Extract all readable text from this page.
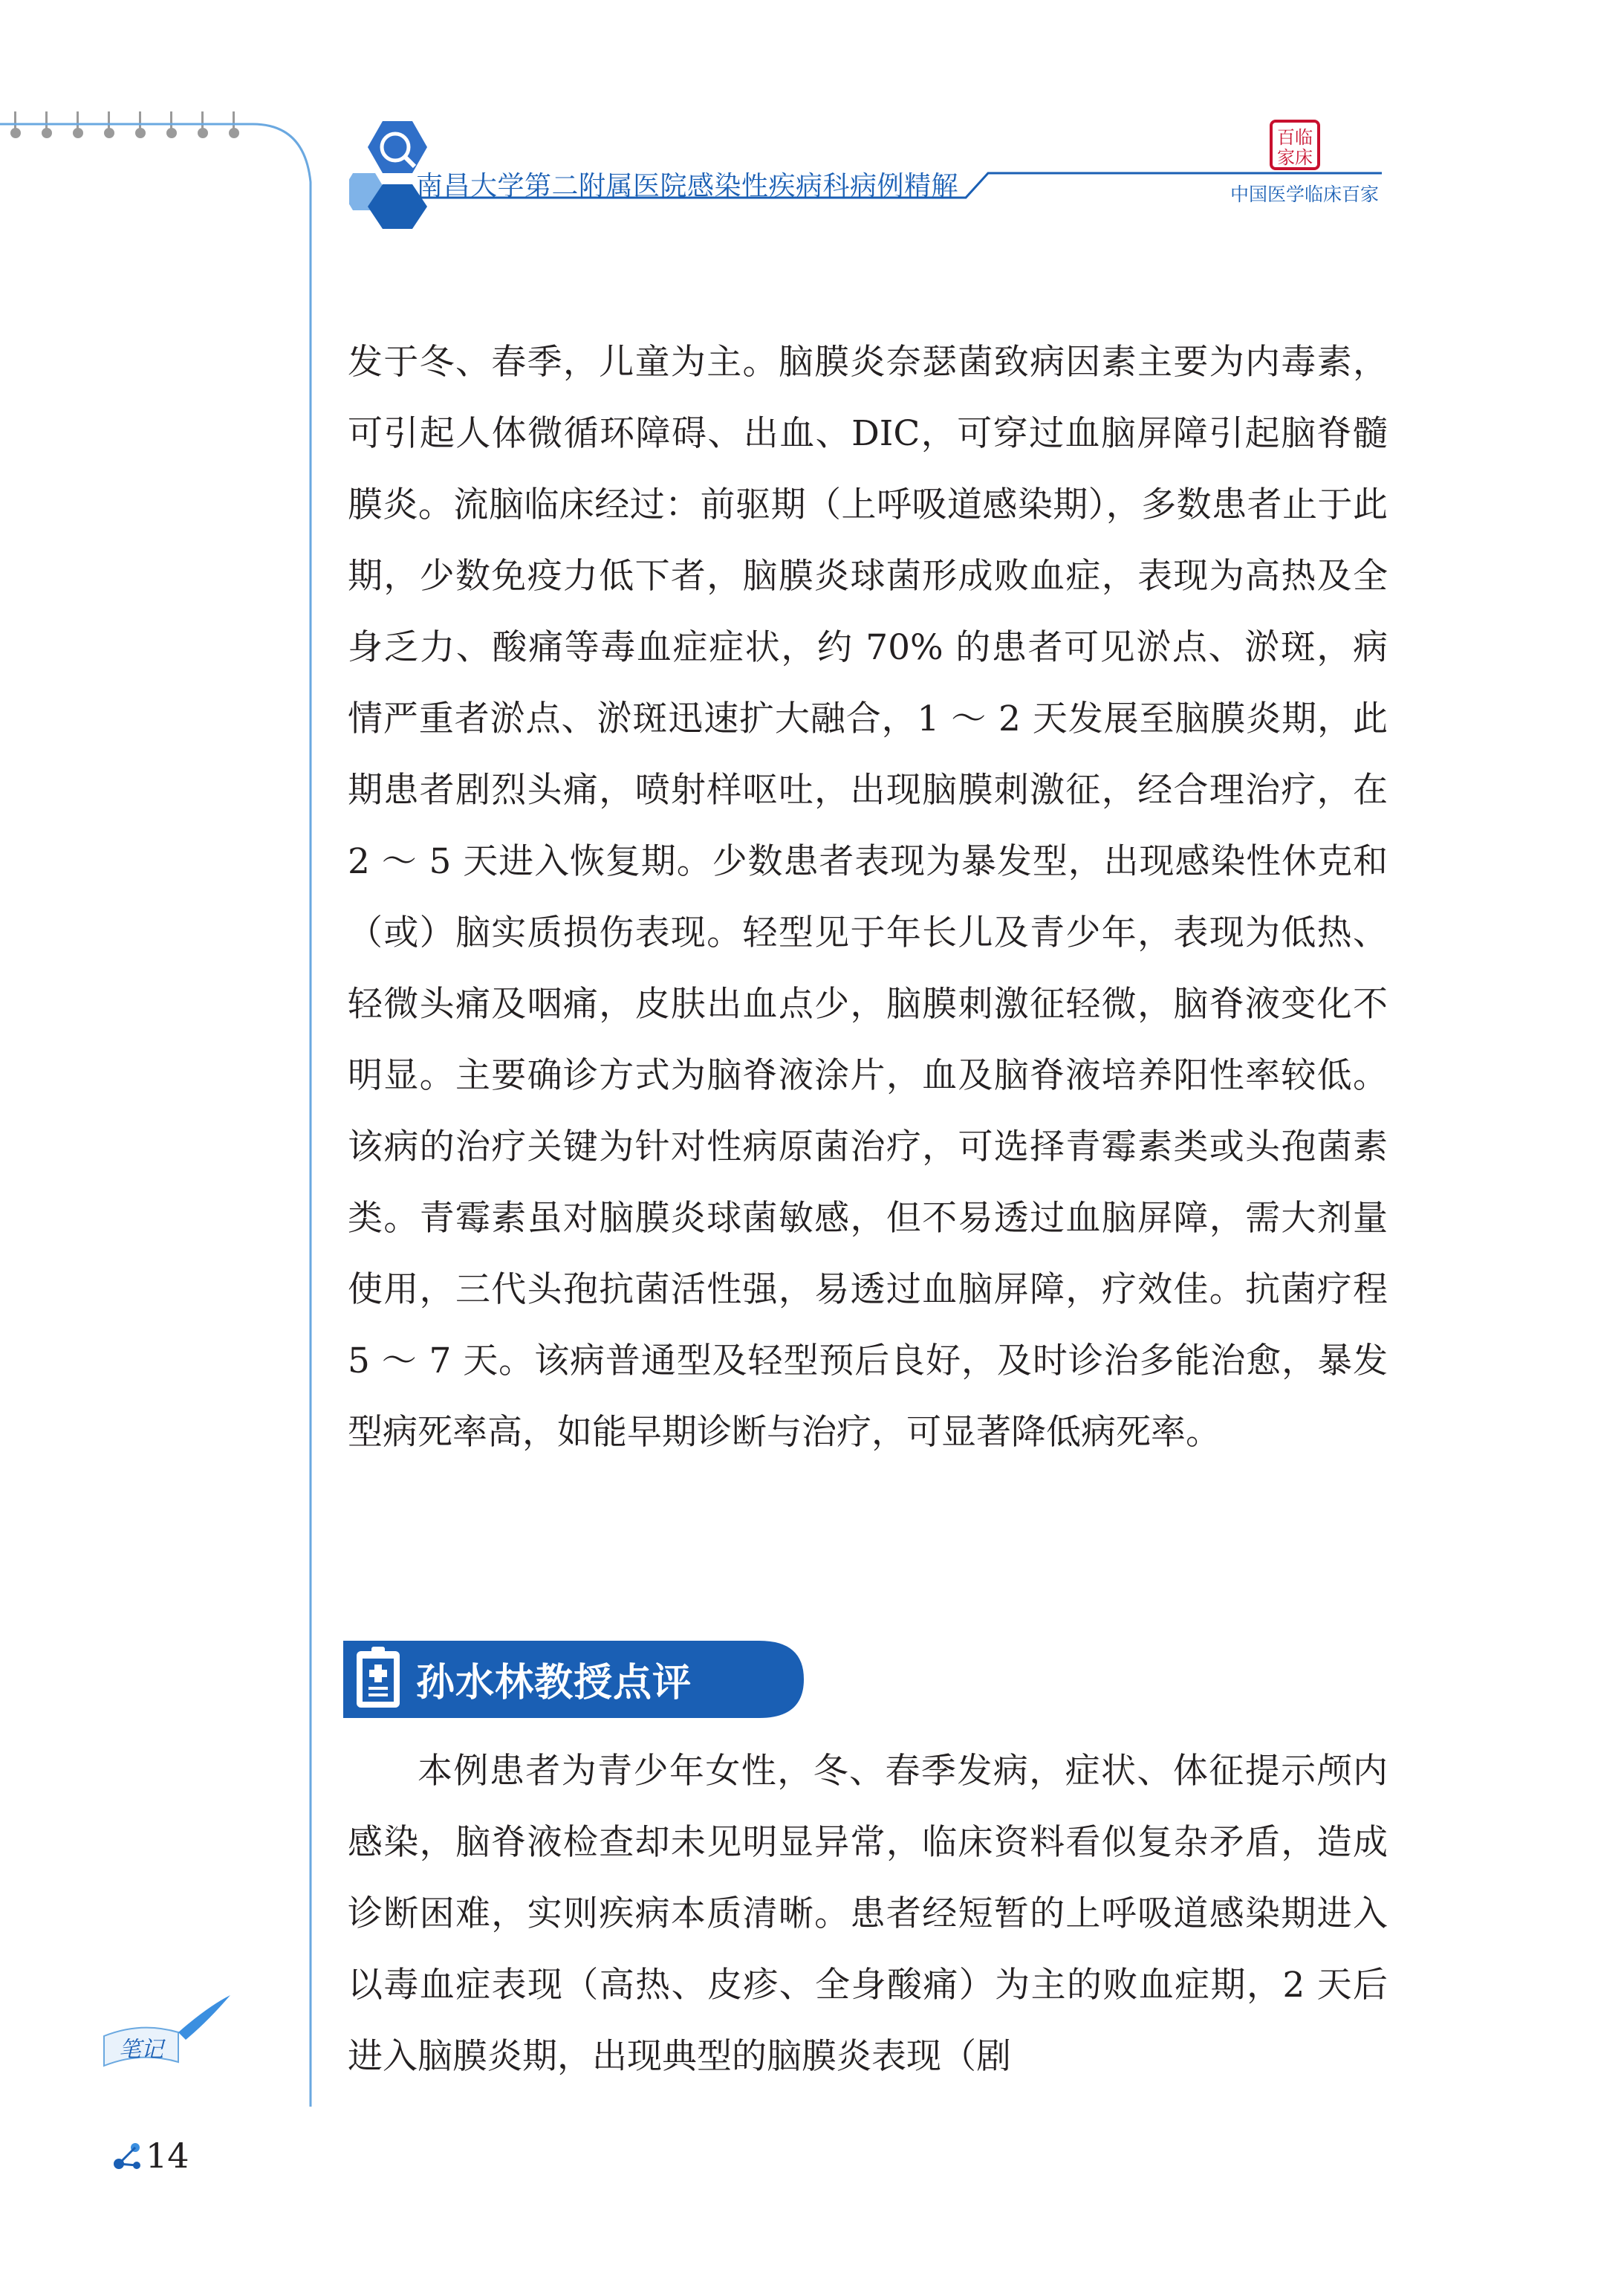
南昌大学第二附属医院感染性疾病科病例精解
百临
家床
中国医学临床百家

发于冬、春季，儿童为主。脑膜炎奈瑟菌致病因素主要为内毒素，可引起人体微循环障碍、出血、DIC，可穿过血脑屏障引起脑脊髓膜炎。流脑临床经过：前驱期（上呼吸道感染期），多数患者止于此期，少数免疫力低下者，脑膜炎球菌形成败血症，表现为高热及全身乏力、酸痛等毒血症症状，约 70% 的患者可见淤点、淤斑，病情严重者淤点、淤斑迅速扩大融合，1 ～ 2 天发展至脑膜炎期，此期患者剧烈头痛，喷射样呕吐，出现脑膜刺激征，经合理治疗，在 2 ～ 5 天进入恢复期。少数患者表现为暴发型，出现感染性休克和（或）脑实质损伤表现。轻型见于年长儿及青少年，表现为低热、轻微头痛及咽痛，皮肤出血点少，脑膜刺激征轻微，脑脊液变化不明显。主要确诊方式为脑脊液涂片，血及脑脊液培养阳性率较低。该病的治疗关键为针对性病原菌治疗，可选择青霉素类或头孢菌素类。青霉素虽对脑膜炎球菌敏感，但不易透过血脑屏障，需大剂量使用，三代头孢抗菌活性强，易透过血脑屏障，疗效佳。抗菌疗程 5 ～ 7 天。该病普通型及轻型预后良好，及时诊治多能治愈，暴发型病死率高，如能早期诊断与治疗，可显著降低病死率。

孙水林教授点评

本例患者为青少年女性，冬、春季发病，症状、体征提示颅内感染，脑脊液检查却未见明显异常，临床资料看似复杂矛盾，造成诊断困难，实则疾病本质清晰。患者经短暂的上呼吸道感染期进入以毒血症表现（高热、皮疹、全身酸痛）为主的败血症期，2 天后进入脑膜炎期，出现典型的脑膜炎表现（剧

笔记
14
